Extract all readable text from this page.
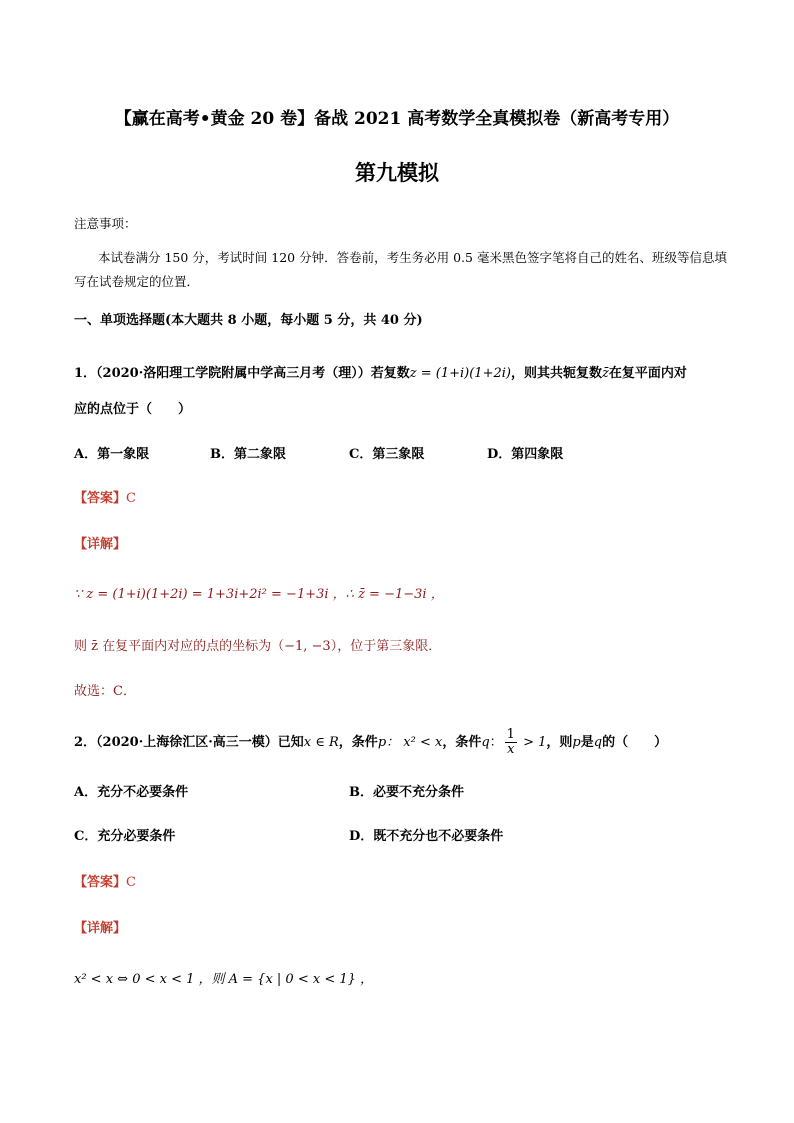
【赢在高考•黄金 20 卷】备战 2021 高考数学全真模拟卷（新高考专用）
第九模拟
注意事项：
本试卷满分 150 分，考试时间 120 分钟．答卷前，考生务必用 0.5 毫米黑色签字笔将自己的姓名、班级等信息填写在试卷规定的位置．
一、单项选择题(本大题共 8 小题，每小题 5 分，共 40 分)
1．（2020·洛阳理工学院附属中学高三月考（理））若复数z = (1+i)(1+2i)，则其共轭复数z̄在复平面内对
应的点位于（　　）
A．第一象限	B．第二象限	C．第三象限	D．第四象限
【答案】C
【详解】
∵ z = (1+i)(1+2i) = 1+3i+2i² = −1+3i ，∴ z̄ = −1−3i ，
则 z̄ 在复平面内对应的点的坐标为（−1, −3），位于第三象限．
故选：C．
2．（2020·上海徐汇区·高三一模）已知x ∈ R，条件p： x² < x，条件q： $\frac{1}{x} > 1$，则p是q的（　　）
A．充分不必要条件	B．必要不充分条件
C．充分必要条件	D．既不充分也不必要条件
【答案】C
【详解】
x² < x ⇔ 0 < x < 1 ，则 A = {x | 0 < x < 1} ，
